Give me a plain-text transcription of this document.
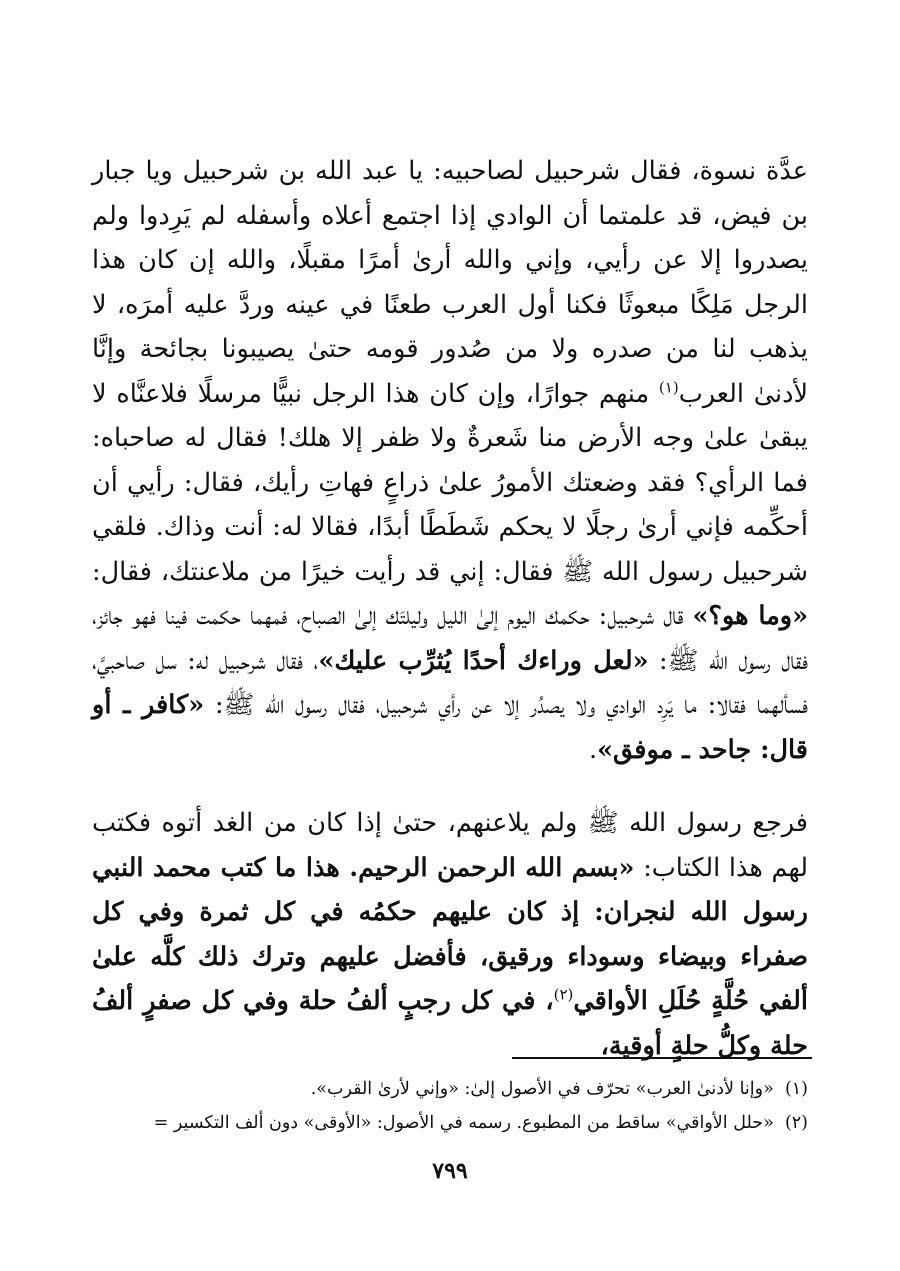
عدَّة نسوة، فقال شرحبيل لصاحبيه: يا عبد الله بن شرحبيل ويا جبار بن فيض، قد علمتما أن الوادي إذا اجتمع أعلاه وأسفله لم يَرِدوا ولم يصدروا إلا عن رأيي، وإني والله أرىٰ أمرًا مقبلًا، والله إن كان هذا الرجل مَلِكًا مبعوثًا فكنا أول العرب طعنًا في عينه وردَّ عليه أمرَه، لا يذهب لنا من صدره ولا من صُدور قومه حتىٰ يصيبونا بجائحة وإنَّا لأدنىٰ العرب$^{(١)}$ منهم جوارًا، وإن كان هذا الرجل نبيًّا مرسلًا فلاعنَّاه لا يبقىٰ علىٰ وجه الأرض منا شَعرةٌ ولا ظفر إلا هلك! فقال له صاحباه: فما الرأي؟ فقد وضعتك الأمورُ علىٰ ذراعٍ فهاتِ رأيك، فقال: رأيي أن أحكِّمه فإني أرىٰ رجلًا لا يحكم شَطَطًا أبدًا، فقالا له: أنت وذاك. فلقي شرحبيل رسول الله ﷺ فقال: إني قد رأيت خيرًا من ملاعنتك، فقال: «وما هو؟» قال شرحبيل: حكمك اليوم إلىٰ الليل وليلتَك إلىٰ الصباح، فمهما حكمت فينا فهو جائز، فقال رسول الله ﷺ: «لعل وراءك أحدًا يُثرِّب عليك»، فقال شرحبيل له: سل صاحبيَّ، فسألهما فقالا: ما يَرِد الوادي ولا يصدُر إلا عن رأي شرحبيل، فقال رسول الله ﷺ: «كافر ـ أو قال: جاحد ـ موفق».

فرجع رسول الله ﷺ ولم يلاعنهم، حتىٰ إذا كان من الغد أتوه فكتب لهم هذا الكتاب: «بسم الله الرحمن الرحيم. هذا ما كتب محمد النبي رسول الله لنجران: إذ كان عليهم حكمُه في كل ثمرة وفي كل صفراء وبيضاء وسوداء ورقيق، فأفضل عليهم وترك ذلك كلَّه علىٰ ألفي حُلَّةٍ حُلَلِ الأواقي$^{(٢)}$، في كل رجبٍ ألفُ حلة وفي كل صفرٍ ألفُ حلة وكلُّ حلةٍ أوقية،

(١)  «وإنا لأدنىٰ العرب» تحرّف في الأصول إلىٰ: «وإني لأرىٰ القرب».

(٢)  «حلل الأواقي» ساقط من المطبوع. رسمه في الأصول: «الأوقى» دون ألف التكسير =

٧٩٩
